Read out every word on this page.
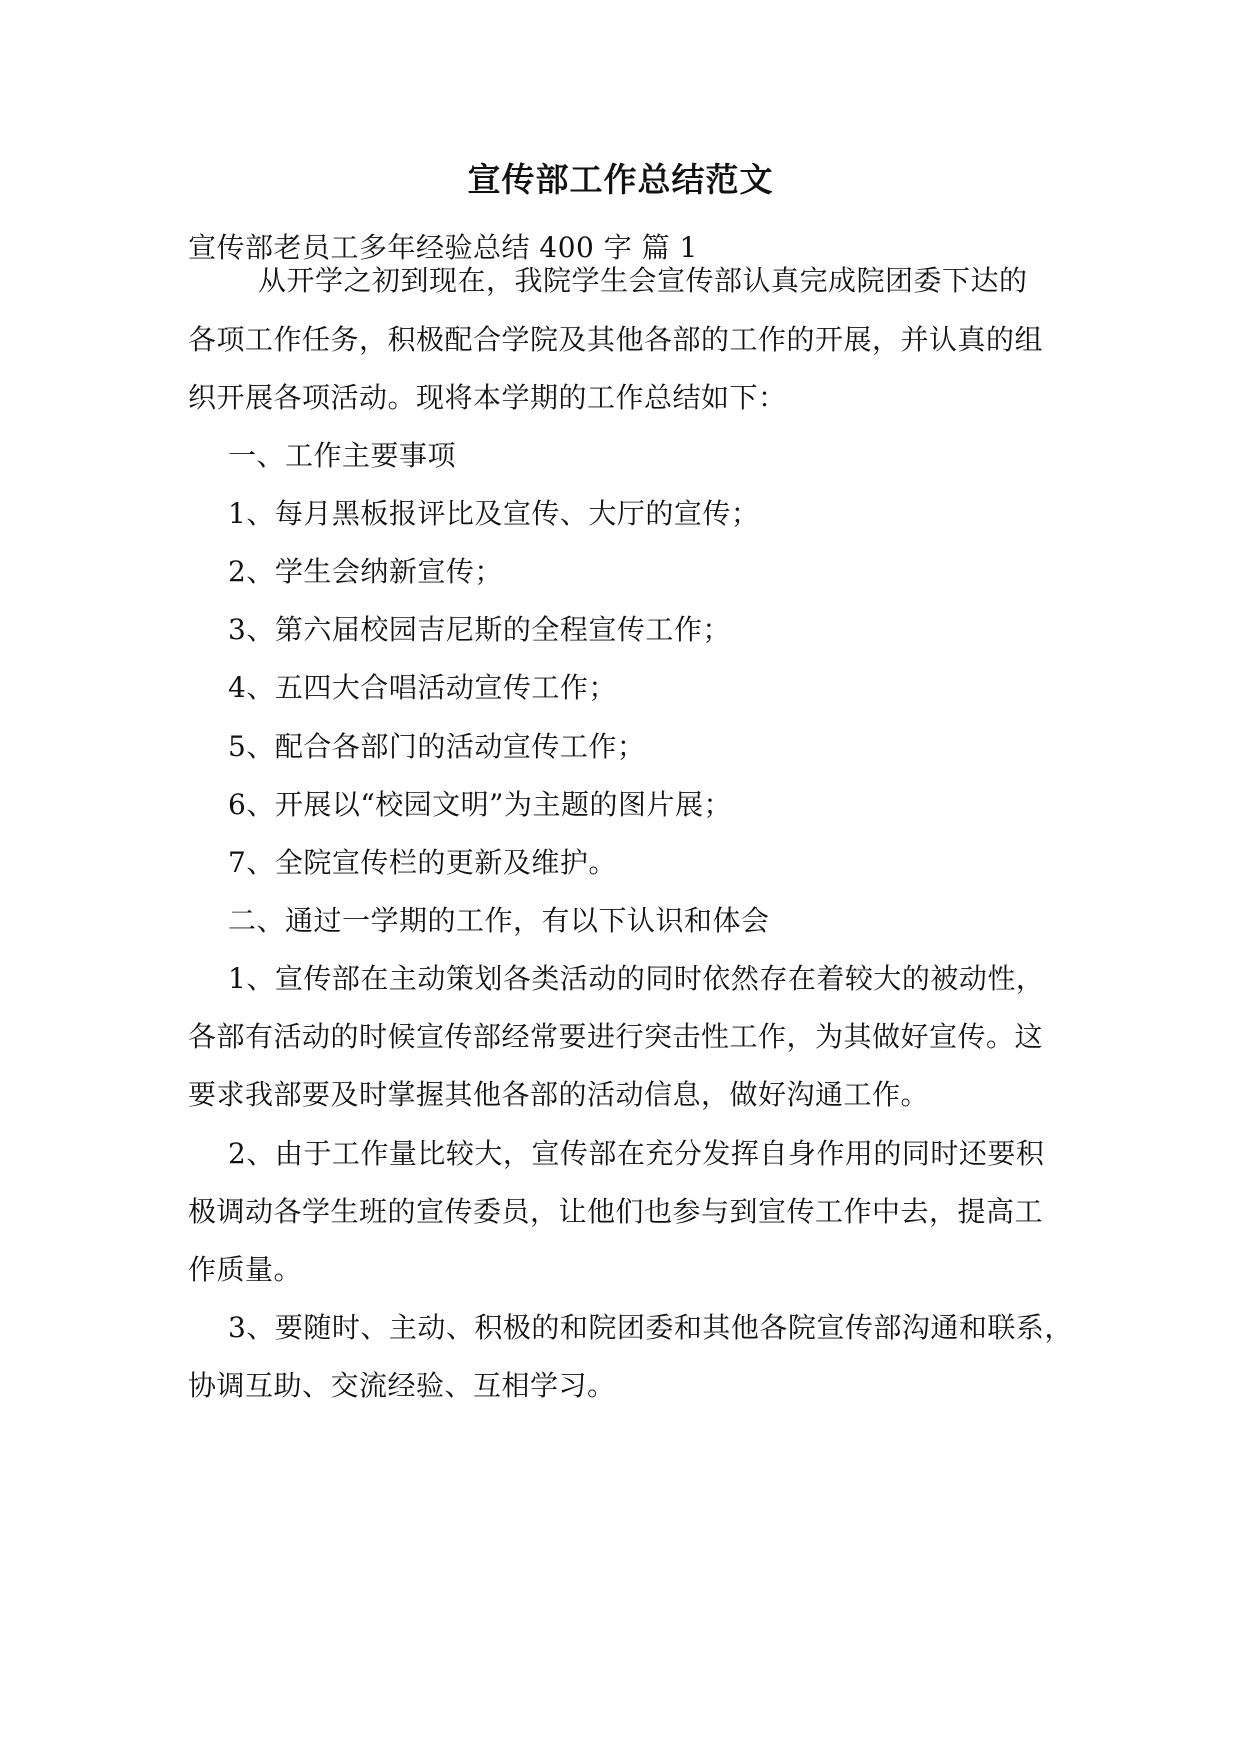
宣传部工作总结范文
宣传部老员工多年经验总结 400 字 篇 1
从开学之初到现在，我院学生会宣传部认真完成院团委下达的
各项工作任务，积极配合学院及其他各部的工作的开展，并认真的组
织开展各项活动。现将本学期的工作总结如下：
一、工作主要事项
1、每月黑板报评比及宣传、大厅的宣传；
2、学生会纳新宣传；
3、第六届校园吉尼斯的全程宣传工作；
4、五四大合唱活动宣传工作；
5、配合各部门的活动宣传工作；
6、开展以“校园文明”为主题的图片展；
7、全院宣传栏的更新及维护。
二、通过一学期的工作，有以下认识和体会
1、宣传部在主动策划各类活动的同时依然存在着较大的被动性，
各部有活动的时候宣传部经常要进行突击性工作，为其做好宣传。这
要求我部要及时掌握其他各部的活动信息，做好沟通工作。
2、由于工作量比较大，宣传部在充分发挥自身作用的同时还要积
极调动各学生班的宣传委员，让他们也参与到宣传工作中去，提高工
作质量。
3、要随时、主动、积极的和院团委和其他各院宣传部沟通和联系，
协调互助、交流经验、互相学习。
